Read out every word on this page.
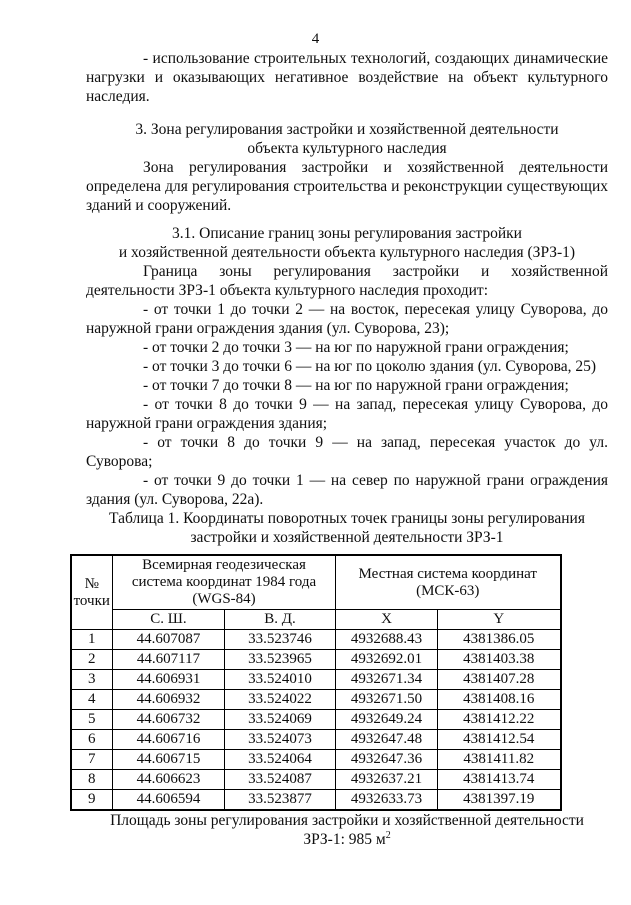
4

- использование строительных технологий, создающих динамические нагрузки и оказывающих негативное воздействие на объект культурного наследия.

3. Зона регулирования застройки и хозяйственной деятельности
объекта культурного наследия

Зона регулирования застройки и хозяйственной деятельности определена для регулирования строительства и реконструкции существующих зданий и сооружений.

3.1. Описание границ зоны регулирования застройки
и хозяйственной деятельности объекта культурного наследия (ЗРЗ-1)

Граница зоны регулирования застройки и хозяйственной деятельности ЗРЗ-1 объекта культурного наследия проходит:

- от точки 1 до точки 2 — на восток, пересекая улицу Суворова, до наружной грани ограждения здания (ул. Суворова, 23);

- от точки 2 до точки 3 — на юг по наружной грани ограждения;

- от точки 3 до точки 6 — на юг по цоколю здания (ул. Суворова, 25)

- от точки 7 до точки 8 — на юг по наружной грани ограждения;

- от точки 8 до точки 9 — на запад, пересекая улицу Суворова, до наружной грани ограждения здания;

- от точки 8 до точки 9 — на запад, пересекая участок до ул. Суворова;

- от точки 9 до точки 1 — на север по наружной грани ограждения здания (ул. Суворова, 22а).

Таблица 1. Координаты поворотных точек границы зоны регулирования
застройки и хозяйственной деятельности ЗРЗ-1
№ точки	Всемирная геодезическая система координат 1984 года (WGS-84)		Местная система координат (МСК-63)	
	С. Ш.	В. Д.	X	Y
1	44.607087	33.523746	4932688.43	4381386.05
2	44.607117	33.523965	4932692.01	4381403.38
3	44.606931	33.524010	4932671.34	4381407.28
4	44.606932	33.524022	4932671.50	4381408.16
5	44.606732	33.524069	4932649.24	4381412.22
6	44.606716	33.524073	4932647.48	4381412.54
7	44.606715	33.524064	4932647.36	4381411.82
8	44.606623	33.524087	4932637.21	4381413.74
9	44.606594	33.523877	4932633.73	4381397.19
Площадь зоны регулирования застройки и хозяйственной деятельности
ЗРЗ-1: 985 $м^2$
